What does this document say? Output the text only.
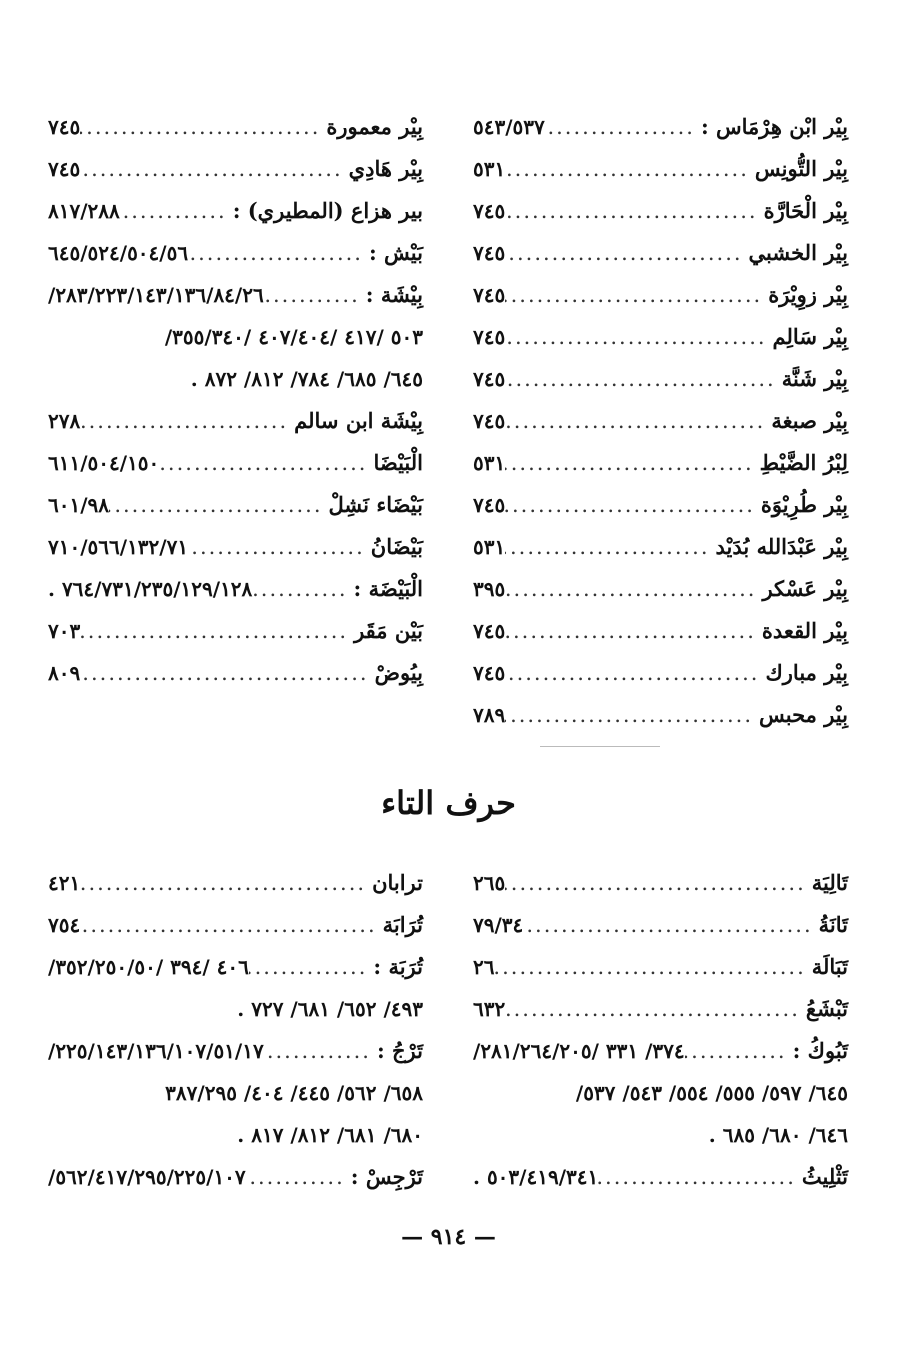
بِيْر ابْن هِرْمَاس :
.....
٥٤٣/٥٣٧
بِيْر التُّونِس
.....
٥٣١
بِيْر الْحَارَّة
.....
٧٤٥
بِيْر الخشبي
.....
٧٤٥
بِيْر زوِيْرَة
.....
٧٤٥
بِيْر سَالِم
.....
٧٤٥
بِيْر شَنَّة
.....
٧٤٥
بِيْر صبغة
.....
٧٤٥
لِبْرُ الضَّيْطِ
.....
٥٣١
بِيْر طُرِيْوَة
.....
٧٤٥
بِيْر عَبْدَالله بُدَيْد
.....
٥٣١
بِيْر عَسْكر
.....
٣٩٥
بِيْر القعدة
.....
٧٤٥
بِيْر مبارك
.....
٧٤٥
بِيْر محبس
.....
٧٨٩
بِيْر معمورة
.....
٧٤٥
بِيْر هَادِي
.....
٧٤٥
بير هزاع (المطيري) :
.....
٨١٧/٢٨٨
بَيْش :
.....
٦٤٥/٥٢٤/٥٠٤/٥٦
بِيْشَة :
.....
٢٨٣/٢٢٣/١٤٣/١٣٦/٨٤/٢٦/
٥٠٣ /٤١٧ /٤٠٧/٤٠٤ /٣٥٥/٣٤٠/
٦٤٥/ ٦٨٥/ ٧٨٤/ ٨١٢/ ٨٧٢ .
بِيْشَة ابن سالم
.....
٢٧٨
الْبَيْضَا
.....
٦١١/٥٠٤/١٥٠
بَيْضَاء نَشِلْ
.....
٦٠١/٩٨
بَيْضَانُ
.....
٧١٠/٥٦٦/١٣٢/٧١
الْبَيْضَة :
.....
٧٦٤/٧٣١/٢٣٥/١٢٩/١٢٨ .
بَيْن مَقَر
.....
٧٠٣
بِيُوضْ
.....
٨٠٩
حرف التاء
تَالِيَة
.....
٢٦٥
تَانَةُ
.....
٧٩/٣٤
تَبَالَة
.....
٢٦
تَبْشَعُ
.....
٦٣٢
تَبُوكُ :
.....
٣٧٤/ ٣٣١ /٢٨١/٢٦٤/٢٠٥/
٦٤٥/ ٥٩٧/ ٥٥٥/ ٥٥٤/ ٥٤٣/ ٥٣٧/
٦٤٦/ ٦٨٠/ ٦٨٥ .
تَثْلِيثُ
.....
٥٠٣/٤١٩/٣٤١ .
ترابان
.....
٤٢١
تُرَابَة
.....
٧٥٤
تُرَبَة :
.....
٤٠٦ /٣٩٤ /٣٥٢/٢٥٠/٥٠/
٤٩٣/ ٦٥٢/ ٦٨١/ ٧٢٧ .
تَرْجُ :
.....
٢٢٥/١٤٣/١٣٦/١٠٧/٥١/١٧/
٦٥٨/ ٥٦٢/ ٤٤٥/ ٤٠٤/ ٣٨٧/٢٩٥
٦٨٠/ ٦٨١/ ٨١٢/ ٨١٧ .
تَرْجِسْ :
.....
٥٦٢/٤١٧/٢٩٥/٢٢٥/١٠٧/
— ٩١٤ —
